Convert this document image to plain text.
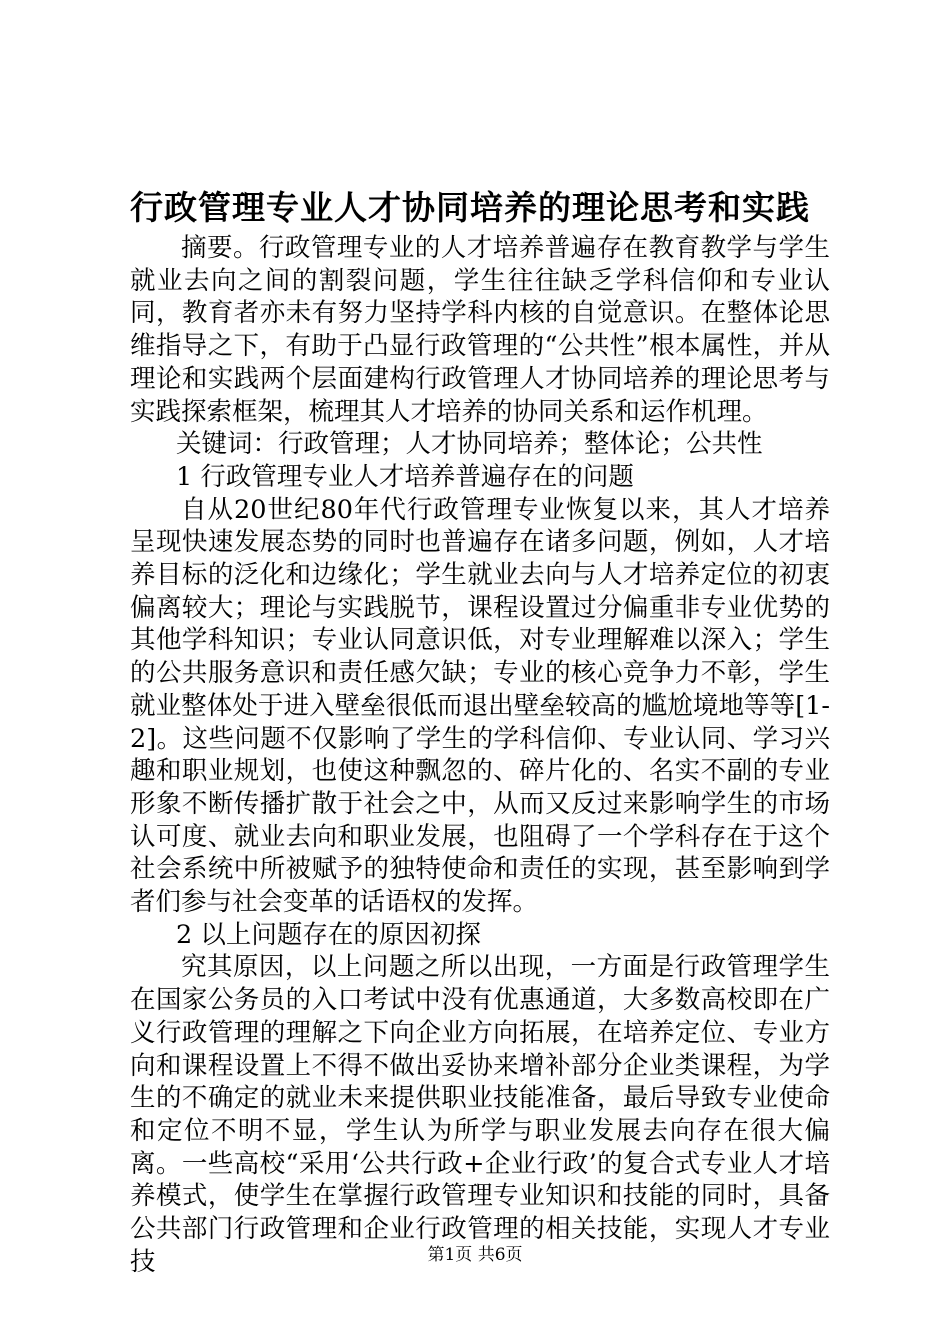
行政管理专业人才协同培养的理论思考和实践

摘要。行政管理专业的人才培养普遍存在教育教学与学生就业去向之间的割裂问题，学生往往缺乏学科信仰和专业认同，教育者亦未有努力坚持学科内核的自觉意识。在整体论思维指导之下，有助于凸显行政管理的“公共性”根本属性，并从理论和实践两个层面建构行政管理人才协同培养的理论思考与实践探索框架，梳理其人才培养的协同关系和运作机理。

关键词：行政管理；人才协同培养；整体论；公共性

1 行政管理专业人才培养普遍存在的问题

自从20世纪80年代行政管理专业恢复以来，其人才培养呈现快速发展态势的同时也普遍存在诸多问题，例如，人才培养目标的泛化和边缘化；学生就业去向与人才培养定位的初衷偏离较大；理论与实践脱节，课程设置过分偏重非专业优势的其他学科知识；专业认同意识低，对专业理解难以深入；学生的公共服务意识和责任感欠缺；专业的核心竞争力不彰，学生就业整体处于进入壁垒很低而退出壁垒较高的尴尬境地等等[1-2]。这些问题不仅影响了学生的学科信仰、专业认同、学习兴趣和职业规划，也使这种飘忽的、碎片化的、名实不副的专业形象不断传播扩散于社会之中，从而又反过来影响学生的市场认可度、就业去向和职业发展，也阻碍了一个学科存在于这个社会系统中所被赋予的独特使命和责任的实现，甚至影响到学者们参与社会变革的话语权的发挥。

2 以上问题存在的原因初探

究其原因，以上问题之所以出现，一方面是行政管理学生在国家公务员的入口考试中没有优惠通道，大多数高校即在广义行政管理的理解之下向企业方向拓展，在培养定位、专业方向和课程设置上不得不做出妥协来增补部分企业类课程，为学生的不确定的就业未来提供职业技能准备，最后导致专业使命和定位不明不显，学生认为所学与职业发展去向存在很大偏离。一些高校“采用‘公共行政+企业行政’的复合式专业人才培养模式，使学生在掌握行政管理专业知识和技能的同时，具备公共部门行政管理和企业行政管理的相关技能，实现人才专业技	第1页 共6页
